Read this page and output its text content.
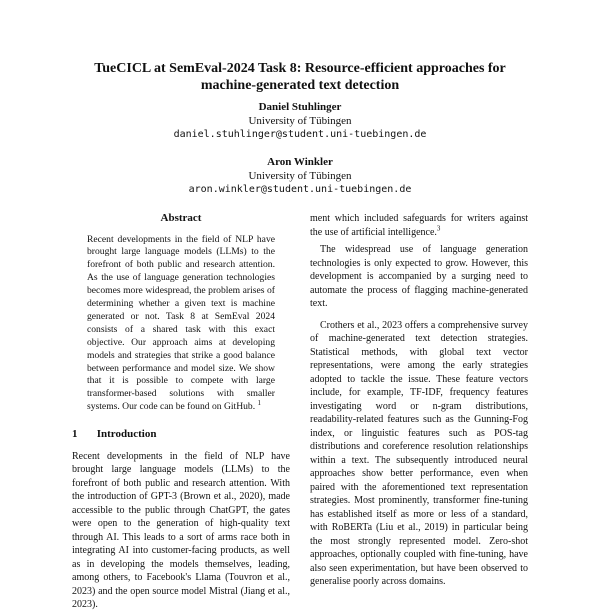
TueCICL at SemEval-2024 Task 8: Resource-efficient approaches for
machine-generated text detection
Daniel Stuhlinger
University of Tübingen
daniel.stuhlinger@student.uni-tuebingen.de
Aron Winkler
University of Tübingen
aron.winkler@student.uni-tuebingen.de
Abstract
Recent developments in the field of NLP have brought large language models (LLMs) to the forefront of both public and research attention. As the use of language generation technologies becomes more widespread, the problem arises of determining whether a given text is machine generated or not. Task 8 at SemEval 2024 consists of a shared task with this exact objective. Our approach aims at developing models and strategies that strike a good balance between performance and model size. We show that it is possible to compete with large transformer-based solutions with smaller systems. Our code can be found on GitHub. $^1$
1 Introduction

Recent developments in the field of NLP have brought large language models (LLMs) to the forefront of both public and research attention. With the introduction of GPT-3 (Brown et al., 2020), made accessible to the public through ChatGPT, the gates were open to the generation of high-quality text through AI. This leads to a sort of arms race both in integrating AI into customer-facing products, as well as in developing the models themselves, leading, among others, to Facebook's Llama (Touvron et al., 2023) and the open source model Mistral (Jiang et al., 2023).

ment which included safeguards for writers against the use of artificial intelligence.$^3$

The widespread use of language generation technologies is only expected to grow. However, this development is accompanied by a surging need to automate the process of flagging machine-generated text.

Crothers et al., 2023 offers a comprehensive survey of machine-generated text detection strategies. Statistical methods, with global text vector representations, were among the early strategies adopted to tackle the issue. These feature vectors include, for example, TF-IDF, frequency features investigating word or n-gram distributions, readability-related features such as the Gunning-Fog index, or linguistic features such as POS-tag distributions and coreference resolution relationships within a text. The subsequently introduced neural approaches show better performance, even when paired with the aforementioned text representation strategies. Most prominently, transformer fine-tuning has established itself as more or less of a standard, with RoBERTa (Liu et al., 2019) in particular being the most strongly represented model. Zero-shot approaches, optionally coupled with fine-tuning, have also seen experimentation, but have been observed to generalise poorly across domains.
